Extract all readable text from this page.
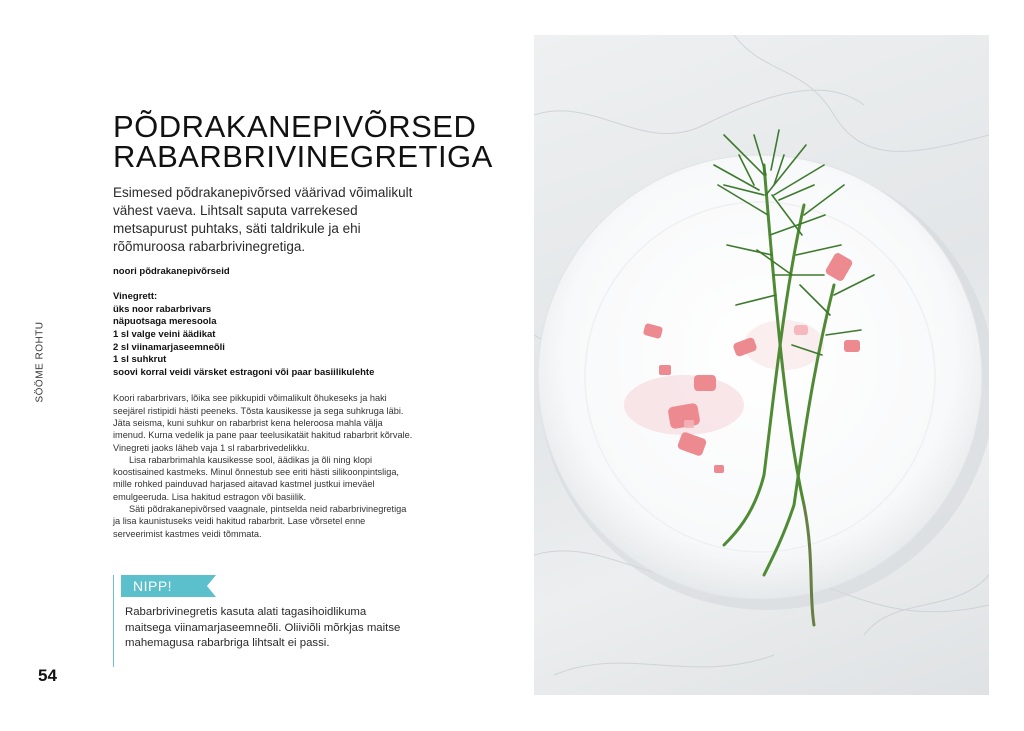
SÖÖME ROHTU
PÕDRAKANEPIVÕRSED
RABARBRIVINEGRETIGA

Esimesed põdrakanepivõrsed väärivad võimalikult vähest vaeva. Lihtsalt saputa varrekesed metsapurust puhtaks, säti taldrikule ja ehi rõõmuroosa rabarbrivinegretiga.

noori põdrakanepivõrseid
Vinegrett:
üks noor rabarbrivars
näpuotsaga meresoola
1 sl valge veini äädikat
2 sl viinamarjaseemneõli
1 sl suhkrut
soovi korral veidi värsket estragoni või paar basiilikulehte

Koori rabarbrivars, lõika see pikkupidi võimalikult õhukeseks ja haki seejärel ristipidi hästi peeneks. Tõsta kausikesse ja sega suhkruga läbi. Jäta seisma, kuni suhkur on rabarbrist kena heleroosa mahla välja imenud. Kurna vedelik ja pane paar teelusikatäit hakitud rabarbrit kõrvale. Vinegreti jaoks läheb vaja 1 sl rabarbrivedelikku.

Lisa rabarbrimahla kausikesse sool, äädikas ja õli ning klopi koostisained kastmeks. Minul õnnestub see eriti hästi silikoonpintsliga, mille rohked painduvad harjased aitavad kastmel justkui imeväel emulgeeruda. Lisa hakitud estragon või basiilik.

Säti põdrakanepivõrsed vaagnale, pintselda neid rabarbrivinegretiga ja lisa kaunistuseks veidi hakitud rabarbrit. Lase võrsetel enne serveerimist kastmes veidi tõmmata.

NIPP!
Rabarbrivinegretis kasuta alati tagasihoidlikuma maitsega viinamarjaseemneõli. Oliiviõli mõrkjas maitse mahemagusa rabarbriga lihtsalt ei passi.
54
